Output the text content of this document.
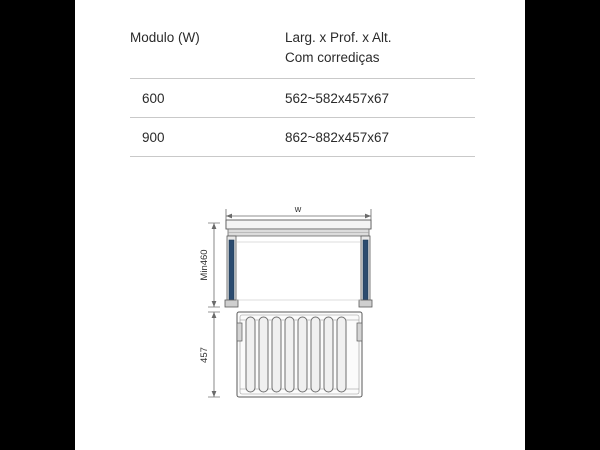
Modulo (W)	Larg. x Prof. x Alt.
Com corrediças
600	562~582x457x67
900	862~882x457x67
w
Min460
457
